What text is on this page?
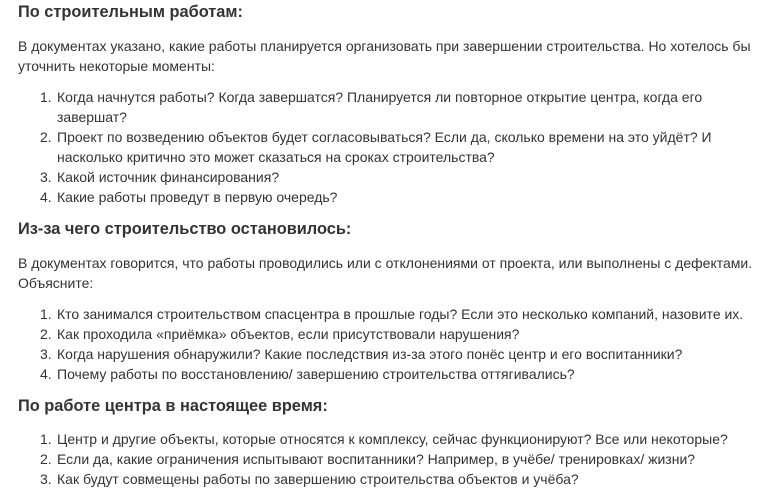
По строительным работам:

В документах указано, какие работы планируется организовать при завершении строительства. Но хотелось бы уточнить некоторые моменты:

1. Когда начнутся работы? Когда завершатся? Планируется ли повторное открытие центра, когда его завершат?
2. Проект по возведению объектов будет согласовываться? Если да, сколько времени на это уйдёт? И насколько критично это может сказаться на сроках строительства?
3. Какой источник финансирования?
4. Какие работы проведут в первую очередь?
Из-за чего строительство остановилось:

В документах говорится, что работы проводились или с отклонениями от проекта, или выполнены с дефектами. Объясните:

1. Кто занимался строительством спасцентра в прошлые годы? Если это несколько компаний, назовите их.
2. Как проходила «приёмка» объектов, если присутствовали нарушения?
3. Когда нарушения обнаружили? Какие последствия из-за этого понёс центр и его воспитанники?
4. Почему работы по восстановлению/ завершению строительства оттягивались?
По работе центра в настоящее время:
1. Центр и другие объекты, которые относятся к комплексу, сейчас функционируют? Все или некоторые?
2. Если да, какие ограничения испытывают воспитанники? Например, в учёбе/ тренировках/ жизни?
3. Как будут совмещены работы по завершению строительства объектов и учёба?
